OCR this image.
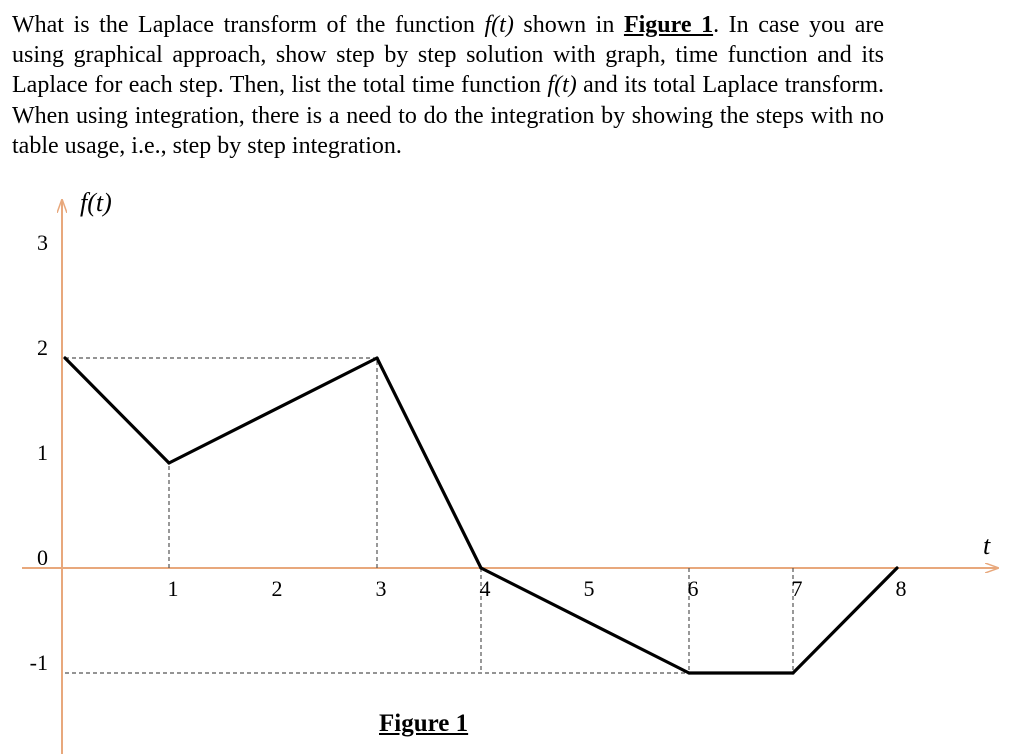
What is the Laplace transform of the function f(t) shown in Figure 1. In case you are using graphical approach, show step by step solution with graph, time function and its Laplace for each step. Then, list the total time function f(t) and its total Laplace transform. When using integration, there is a need to do the integration by showing the steps with no table usage, i.e., step by step integration.
f(t)
t
1	2	3	4	5	6	7	8
3
2
1
0
-1
Figure 1
